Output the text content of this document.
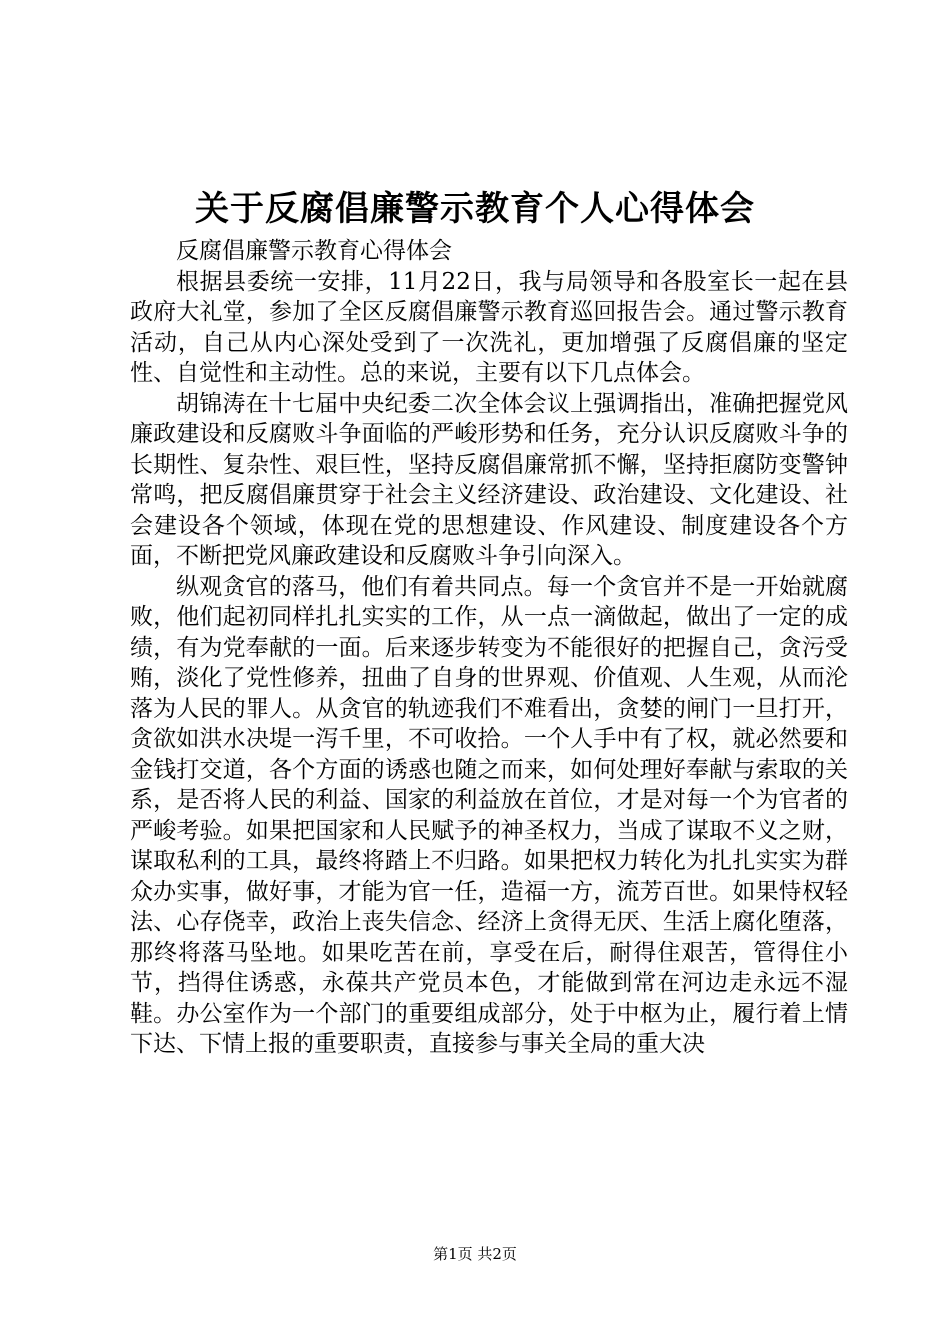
关于反腐倡廉警示教育个人心得体会

反腐倡廉警示教育心得体会

根据县委统一安排，11月22日，我与局领导和各股室长一起在县政府大礼堂，参加了全区反腐倡廉警示教育巡回报告会。通过警示教育活动，自己从内心深处受到了一次洗礼，更加增强了反腐倡廉的坚定性、自觉性和主动性。总的来说，主要有以下几点体会。

胡锦涛在十七届中央纪委二次全体会议上强调指出，准确把握党风廉政建设和反腐败斗争面临的严峻形势和任务，充分认识反腐败斗争的长期性、复杂性、艰巨性，坚持反腐倡廉常抓不懈，坚持拒腐防变警钟常鸣，把反腐倡廉贯穿于社会主义经济建设、政治建设、文化建设、社会建设各个领域，体现在党的思想建设、作风建设、制度建设各个方面，不断把党风廉政建设和反腐败斗争引向深入。

纵观贪官的落马，他们有着共同点。每一个贪官并不是一开始就腐败，他们起初同样扎扎实实的工作，从一点一滴做起，做出了一定的成绩，有为党奉献的一面。后来逐步转变为不能很好的把握自己，贪污受贿，淡化了党性修养，扭曲了自身的世界观、价值观、人生观，从而沦落为人民的罪人。从贪官的轨迹我们不难看出，贪婪的闸门一旦打开，贪欲如洪水决堤一泻千里，不可收拾。一个人手中有了权，就必然要和金钱打交道，各个方面的诱惑也随之而来，如何处理好奉献与索取的关系，是否将人民的利益、国家的利益放在首位，才是对每一个为官者的严峻考验。如果把国家和人民赋予的神圣权力，当成了谋取不义之财，谋取私利的工具，最终将踏上不归路。如果把权力转化为扎扎实实为群众办实事，做好事，才能为官一任，造福一方，流芳百世。如果恃权轻法、心存侥幸，政治上丧失信念、经济上贪得无厌、生活上腐化堕落，那终将落马坠地。如果吃苦在前，享受在后，耐得住艰苦，管得住小节，挡得住诱惑，永葆共产党员本色，才能做到常在河边走永远不湿鞋。办公室作为一个部门的重要组成部分，处于中枢为止，履行着上情下达、下情上报的重要职责，直接参与事关全局的重大决

第1页 共2页
